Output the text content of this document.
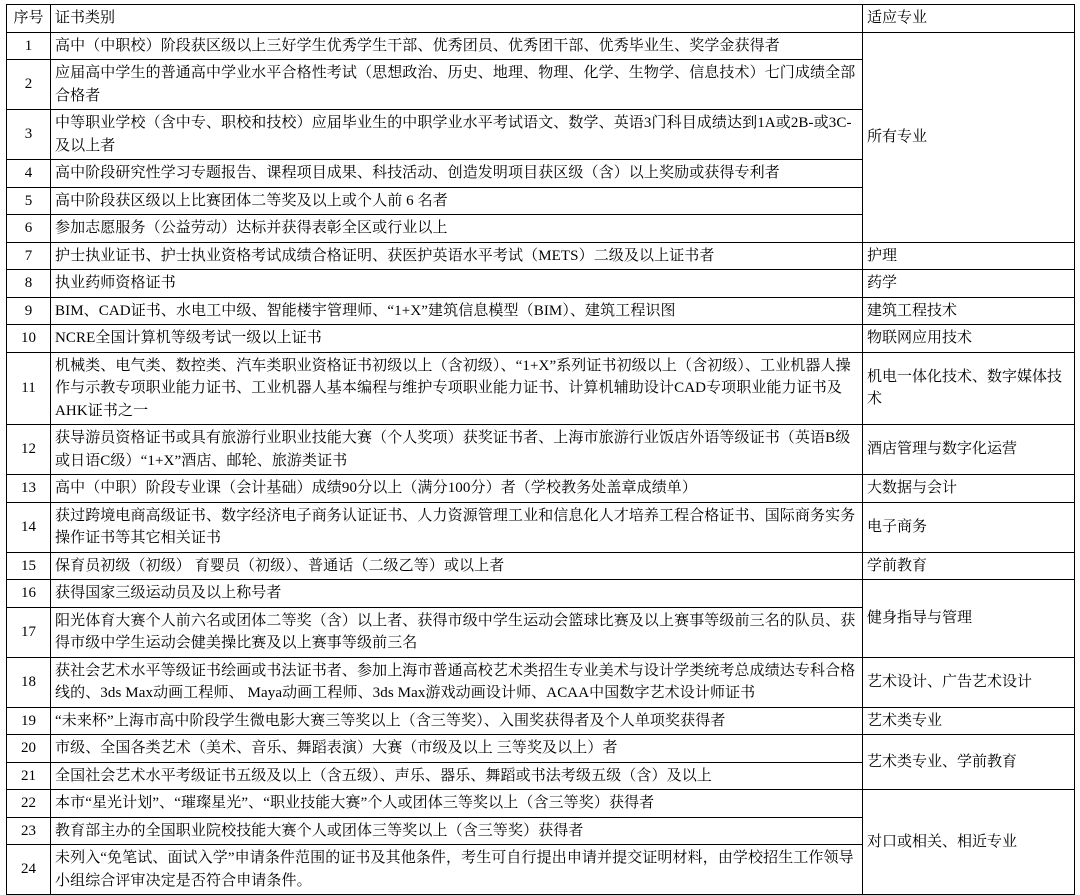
序号	证书类别	适应专业
1	高中（中职校）阶段获区级以上三好学生优秀学生干部、优秀团员、优秀团干部、优秀毕业生、奖学金获得者	所有专业
2	应届高中学生的普通高中学业水平合格性考试（思想政治、历史、地理、物理、化学、生物学、信息技术）七门成绩全部合格者	
3	中等职业学校（含中专、职校和技校）应届毕业生的中职学业水平考试语文、数学、英语3门科目成绩达到1A或2B-或3C-及以上者	
4	高中阶段研究性学习专题报告、课程项目成果、科技活动、创造发明项目获区级（含）以上奖励或获得专利者	
5	高中阶段获区级以上比赛团体二等奖及以上或个人前 6 名者	
6	参加志愿服务（公益劳动）达标并获得表彰全区或行业以上	
7	护士执业证书、护士执业资格考试成绩合格证明、获医护英语水平考试（METS）二级及以上证书者	护理
8	执业药师资格证书	药学
9	BIM、CAD证书、水电工中级、智能楼宇管理师、“1+X”建筑信息模型（BIM）、建筑工程识图	建筑工程技术
10	NCRE全国计算机等级考试一级以上证书	物联网应用技术
11	机械类、电气类、数控类、汽车类职业资格证书初级以上（含初级）、“1+X”系列证书初级以上（含初级）、工业机器人操作与示教专项职业能力证书、工业机器人基本编程与维护专项职业能力证书、计算机辅助设计CAD专项职业能力证书及AHK证书之一	机电一体化技术、数字媒体技术
12	获导游员资格证书或具有旅游行业职业技能大赛（个人奖项）获奖证书者、上海市旅游行业饭店外语等级证书（英语B级或日语C级）“1+X”酒店、邮轮、旅游类证书	酒店管理与数字化运营
13	高中（中职）阶段专业课（会计基础）成绩90分以上（满分100分）者（学校教务处盖章成绩单）	大数据与会计
14	获过跨境电商高级证书、数字经济电子商务认证证书、人力资源管理工业和信息化人才培养工程合格证书、国际商务实务操作证书等其它相关证书	电子商务
15	保育员初级（初级） 育婴员（初级）、普通话（二级乙等）或以上者	学前教育
16	获得国家三级运动员及以上称号者	健身指导与管理
17	阳光体育大赛个人前六名或团体二等奖（含）以上者、获得市级中学生运动会篮球比赛及以上赛事等级前三名的队员、获得市级中学生运动会健美操比赛及以上赛事等级前三名	
18	获社会艺术水平等级证书绘画或书法证书者、参加上海市普通高校艺术类招生专业美术与设计学类统考总成绩达专科合格线的、3ds Max动画工程师、 Maya动画工程师、3ds Max游戏动画设计师、ACAA中国数字艺术设计师证书	艺术设计、广告艺术设计
19	“未来杯”上海市高中阶段学生微电影大赛三等奖以上（含三等奖）、入围奖获得者及个人单项奖获得者	艺术类专业
20	市级、全国各类艺术（美术、音乐、舞蹈表演）大赛（市级及以上 三等奖及以上）者	艺术类专业、学前教育
21	全国社会艺术水平考级证书五级及以上（含五级）、声乐、器乐、舞蹈或书法考级五级（含）及以上	
22	本市“星光计划”、“璀璨星光”、“职业技能大赛”个人或团体三等奖以上（含三等奖）获得者	对口或相关、相近专业
23	教育部主办的全国职业院校技能大赛个人或团体三等奖以上（含三等奖）获得者	
24	未列入“免笔试、面试入学”申请条件范围的证书及其他条件，考生可自行提出申请并提交证明材料，由学校招生工作领导小组综合评审决定是否符合申请条件。	
